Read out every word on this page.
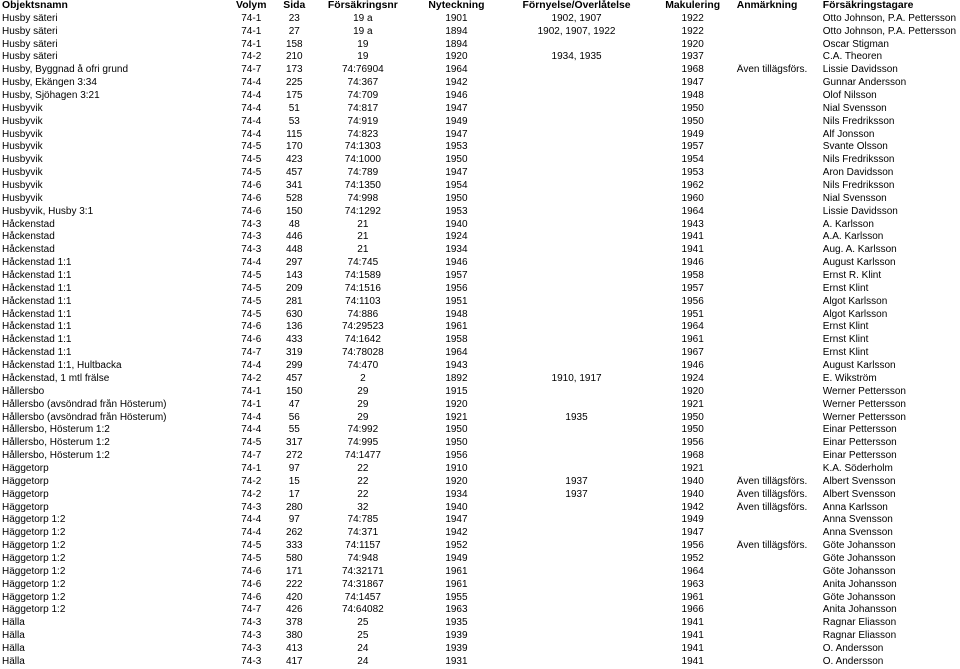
Objektsnamn	Volym	Sida	Försäkringsnr	Nyteckning	Förnyelse/Överlåtelse	Makulering	Anmärkning	Försäkringstagare
Husby säteri	74-1	23	19 a	1901	1902, 1907	1922		Otto Johnson, P.A. Pettersson
Husby säteri	74-1	27	19 a	1894	1902, 1907, 1922	1922		Otto Johnson, P.A. Pettersson
Husby säteri	74-1	158	19	1894		1920		Oscar Stigman
Husby säteri	74-2	210	19	1920	1934, 1935	1937		C.A. Theoren
Husby, Byggnad å ofri grund	74-7	173	74:76904	1964		1968	Även tillägsförs.	Lissie Davidsson
Husby, Ekängen 3:34	74-4	225	74:367	1942		1947		Gunnar Andersson
Husby, Sjöhagen 3:21	74-4	175	74:709	1946		1948		Olof Nilsson
Husbyvik	74-4	51	74:817	1947		1950		Nial Svensson
Husbyvik	74-4	53	74:919	1949		1950		Nils Fredriksson
Husbyvik	74-4	115	74:823	1947		1949		Alf Jonsson
Husbyvik	74-5	170	74:1303	1953		1957		Svante Olsson
Husbyvik	74-5	423	74:1000	1950		1954		Nils Fredriksson
Husbyvik	74-5	457	74:789	1947		1953		Aron Davidsson
Husbyvik	74-6	341	74:1350	1954		1962		Nils Fredriksson
Husbyvik	74-6	528	74:998	1950		1960		Nial Svensson
Husbyvik, Husby 3:1	74-6	150	74:1292	1953		1964		Lissie Davidsson
Håckenstad	74-3	48	21	1940		1943		A. Karlsson
Håckenstad	74-3	446	21	1924		1941		A.A. Karlsson
Håckenstad	74-3	448	21	1934		1941		Aug. A. Karlsson
Håckenstad 1:1	74-4	297	74:745	1946		1946		August Karlsson
Håckenstad 1:1	74-5	143	74:1589	1957		1958		Ernst R. Klint
Håckenstad 1:1	74-5	209	74:1516	1956		1957		Ernst Klint
Håckenstad 1:1	74-5	281	74:1103	1951		1956		Algot Karlsson
Håckenstad 1:1	74-5	630	74:886	1948		1951		Algot Karlsson
Håckenstad 1:1	74-6	136	74:29523	1961		1964		Ernst Klint
Håckenstad 1:1	74-6	433	74:1642	1958		1961		Ernst Klint
Håckenstad 1:1	74-7	319	74:78028	1964		1967		Ernst Klint
Håckenstad 1:1, Hultbacka	74-4	299	74:470	1943		1946		August Karlsson
Håckenstad, 1 mtl frälse	74-2	457	2	1892	1910, 1917	1924		E. Wikström
Hållersbo	74-1	150	29	1915		1920		Werner Pettersson
Hållersbo (avsöndrad från Hösterum)	74-1	47	29	1920		1921		Werner Pettersson
Hållersbo (avsöndrad från Hösterum)	74-4	56	29	1921	1935	1950		Werner Pettersson
Hållersbo, Hösterum 1:2	74-4	55	74:992	1950		1950		Einar Pettersson
Hållersbo, Hösterum 1:2	74-5	317	74:995	1950		1956		Einar Pettersson
Hållersbo, Hösterum 1:2	74-7	272	74:1477	1956		1968		Einar Pettersson
Häggetorp	74-1	97	22	1910		1921		K.A. Söderholm
Häggetorp	74-2	15	22	1920	1937	1940	Även tillägsförs.	Albert Svensson
Häggetorp	74-2	17	22	1934	1937	1940	Även tillägsförs.	Albert Svensson
Häggetorp	74-3	280	32	1940		1942	Även tillägsförs.	Anna Karlsson
Häggetorp 1:2	74-4	97	74:785	1947		1949		Anna Svensson
Häggetorp 1:2	74-4	262	74:371	1942		1947		Anna Svensson
Häggetorp 1:2	74-5	333	74:1157	1952		1956	Även tillägsförs.	Göte Johansson
Häggetorp 1:2	74-5	580	74:948	1949		1952		Göte Johansson
Häggetorp 1:2	74-6	171	74:32171	1961		1964		Göte Johansson
Häggetorp 1:2	74-6	222	74:31867	1961		1963		Anita Johansson
Häggetorp 1:2	74-6	420	74:1457	1955		1961		Göte Johansson
Häggetorp 1:2	74-7	426	74:64082	1963		1966		Anita Johansson
Hälla	74-3	378	25	1935		1941		Ragnar Eliasson
Hälla	74-3	380	25	1939		1941		Ragnar Eliasson
Hälla	74-3	413	24	1939		1941		O. Andersson
Hälla	74-3	417	24	1931		1941		O. Andersson
